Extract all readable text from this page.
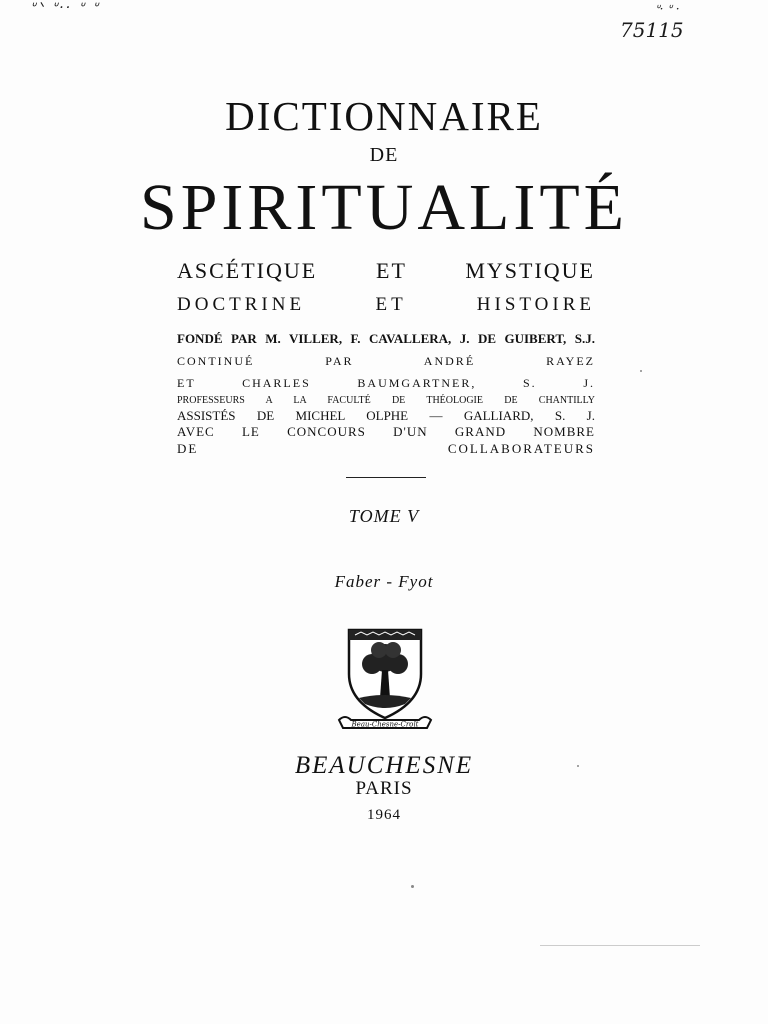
ᐡᐠ ᐡ·· ᐡ ᐡ	ᐡ· ᐡ ·
75115
DICTIONNAIRE
DE
SPIRITUALITÉ
ASCÉTIQUE ET MYSTIQUE
DOCTRINE ET HISTOIRE
FONDÉ PAR M. VILLER, F. CAVALLERA, J. DE GUIBERT, S.J.
CONTINUÉ PAR ANDRÉ RAYEZ
ET CHARLES BAUMGARTNER, S. J.
PROFESSEURS A LA FACULTÉ DE THÉOLOGIE DE CHANTILLY
ASSISTÉS DE MICHEL OLPHE — GALLIARD, S. J.
AVEC LE CONCOURS D'UN GRAND NOMBRE
DE COLLABORATEURS
TOME V
Faber - Fyot
Beau-Chesne-Croît
BEAUCHESNE
PARIS
1964
